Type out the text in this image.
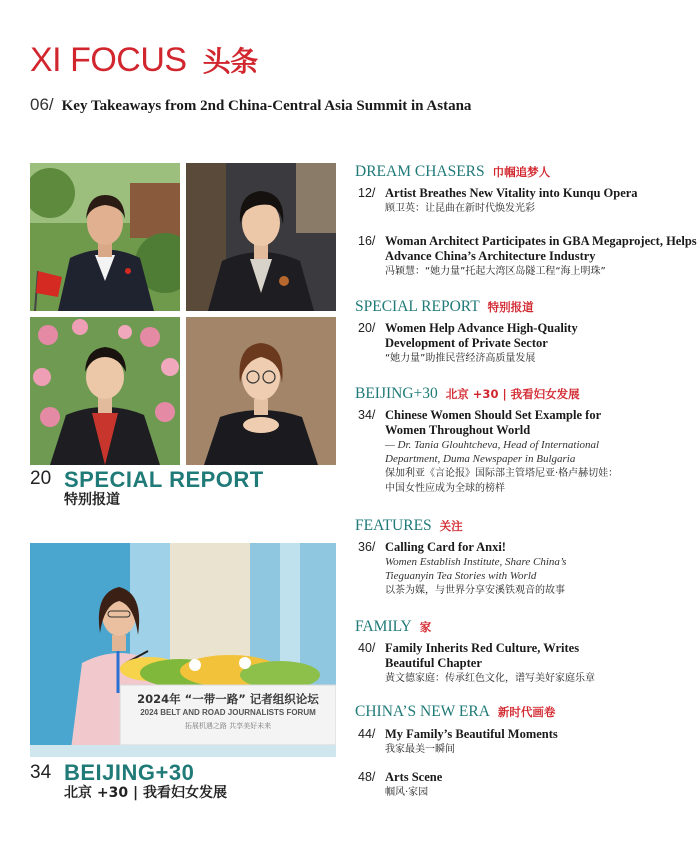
XI FOCUS 头条
06/ Key Takeaways from 2nd China-Central Asia Summit in Astana
20 SPECIAL REPORT
特别报道
2024年 “一带一路” 记者组织论坛
2024 BELT AND ROAD JOURNALISTS FORUM
拓展机遇之路 共享美好未来
34 BEIJING+30
北京 +30 | 我看妇女发展
DREAM CHASERS 巾帼追梦人
12/ Artist Breathes New Vitality into Kunqu Opera
顾卫英：让昆曲在新时代焕发光彩
16/ Woman Architect Participates in GBA Megaproject, Helps Advance China’s Architecture Industry
冯颖慧：“她力量”托起大湾区岛隧工程“海上明珠”
SPECIAL REPORT 特别报道
20/ Women Help Advance High-Quality Development of Private Sector
“她力量”助推民营经济高质量发展
BEIJING+30 北京 +30 | 我看妇女发展
34/ Chinese Women Should Set Example for Women Throughout World
— Dr. Tania Glouhtcheva, Head of International Department, Duma Newspaper in Bulgaria
保加利亚《言论报》国际部主管塔尼亚·格卢赫切娃：中国女性应成为全球的榜样
FEATURES 关注
36/ Calling Card for Anxi!
Women Establish Institute, Share China’s Tieguanyin Tea Stories with World
以茶为媒，与世界分享安溪铁观音的故事
FAMILY 家
40/ Family Inherits Red Culture, Writes Beautiful Chapter
黄文德家庭：传承红色文化，谱写美好家庭乐章
CHINA’S NEW ERA 新时代画卷
44/ My Family’s Beautiful Moments
我家最美一瞬间
48/ Arts Scene
帼风·家园
